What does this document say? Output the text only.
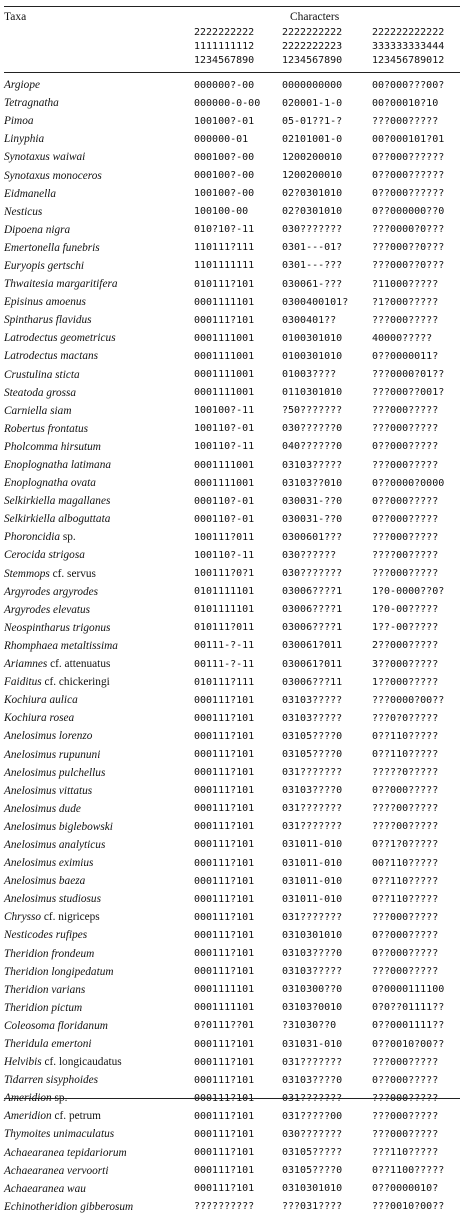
Taxa	Characters
2222222222	2222222222	222222222222
1111111112	2222222223	333333333444
1234567890	1234567890	123456789012
Argiope	000000?-00	0000000000	00?000???00?
Tetragnatha	000000-0-00	020001-1-0	00?00010?10
Pimoa	100100?-01	05-01??1-?	???000?????
Linyphia	000000-01	02101001-0	00?000101?01
Synotaxus waiwai	000100?-00	1200200010	0??000??????
Synotaxus monoceros	000100?-00	1200200010	0??000??????
Eidmanella	100100?-00	02?0301010	0??000??????
Nesticus	100100-00	02?0301010	0??000000??0
Dipoena nigra	010?10?-11	030???????	???0000?0???
Emertonella funebris	110111?111	0301---01?	???000??0???
Euryopis gertschi	1101111111	0301---???	???000??0???
Thwaitesia margaritifera	010111?101	030061-???	?11000?????
Episinus amoenus	0001111101	0300400101?	?1?000?????
Spintharus flavidus	000111?101	0300401??	???000?????
Latrodectus geometricus	0001111001	0100301010	40000?????
Latrodectus mactans	0001111001	0100301010	0??0000011?
Crustulina sticta	0001111001	01003????	???0000?01??
Steatoda grossa	0001111001	0110301010	???000??001?
Carniella siam	100100?-11	?50???????	???000?????
Robertus frontatus	100110?-01	030??????0	???000?????
Pholcomma hirsutum	100110?-11	040??????0	0??000?????
Enoplognatha latimana	0001111001	03103?????	???000?????
Enoplognatha ovata	0001111001	03103??010	0??0000?0000
Selkirkiella magallanes	000110?-01	030031-??0	0??000?????
Selkirkiella alboguttata	000110?-01	030031-??0	0??000?????
Phoroncidia sp.	100111?011	0300601???	???000?????
Cerocida strigosa	100110?-11	030??????	????00?????
Stemmops cf. servus	100111?0?1	030???????	???000?????
Argyrodes argyrodes	0101111101	03006????1	1?0-0000??0?
Argyrodes elevatus	0101111101	03006????1	1?0-00?????
Neospintharus trigonus	010111?011	03006????1	1??-00?????
Rhomphaea metaltissima	00111-?-11	030061?011	2??000?????
Ariamnes cf. attenuatus	00111-?-11	030061?011	3??000?????
Faiditus cf. chickeringi	010111?111	03006???11	1??000?????
Kochiura aulica	000111?101	03103?????	???0000?00??
Kochiura rosea	000111?101	03103?????	???0?0?????
Anelosimus lorenzo	000111?101	03105????0	0??110?????
Anelosimus rupununi	000111?101	03105????0	0??110?????
Anelosimus pulchellus	000111?101	031???????	?????0?????
Anelosimus vittatus	000111?101	03103????0	0??000?????
Anelosimus dude	000111?101	031???????	????00?????
Anelosimus biglebowski	000111?101	031???????	????00?????
Anelosimus analyticus	000111?101	031011-010	0??1?0?????
Anelosimus eximius	000111?101	031011-010	00?110?????
Anelosimus baeza	000111?101	031011-010	0??110?????
Anelosimus studiosus	000111?101	031011-010	0??110?????
Chrysso cf. nigriceps	000111?101	031???????	???000?????
Nesticodes rufipes	000111?101	0310301010	0??000?????
Theridion frondeum	000111?101	03103????0	0??000?????
Theridion longipedatum	000111?101	03103?????	???000?????
Theridion varians	0001111101	0310300??0	0?0000111100
Theridion pictum	0001111101	03103?0010	0?0??01111??
Coleosoma floridanum	0?0111??01	?31030??0	0??0001111??
Theridula emertoni	000111?101	031031-010	0??0010?00??
Helvibis cf. longicaudatus	000111?101	031???????	???000?????
Tidarren sisyphoides	000111?101	03103????0	0??000?????
Ameridion sp.	000111?101	031???????	???000?????
Ameridion cf. petrum	000111?101	031?????00	???000?????
Thymoites unimaculatus	000111?101	030???????	???000?????
Achaearanea tepidariorum	000111?101	03105?????	???110?????
Achaearanea vervoorti	000111?101	03105????0	0??1100?????
Achaearanea wau	000111?101	0310301010	0??0000010?
Echinotheridion gibberosum	??????????	???031????	???0010?00??
